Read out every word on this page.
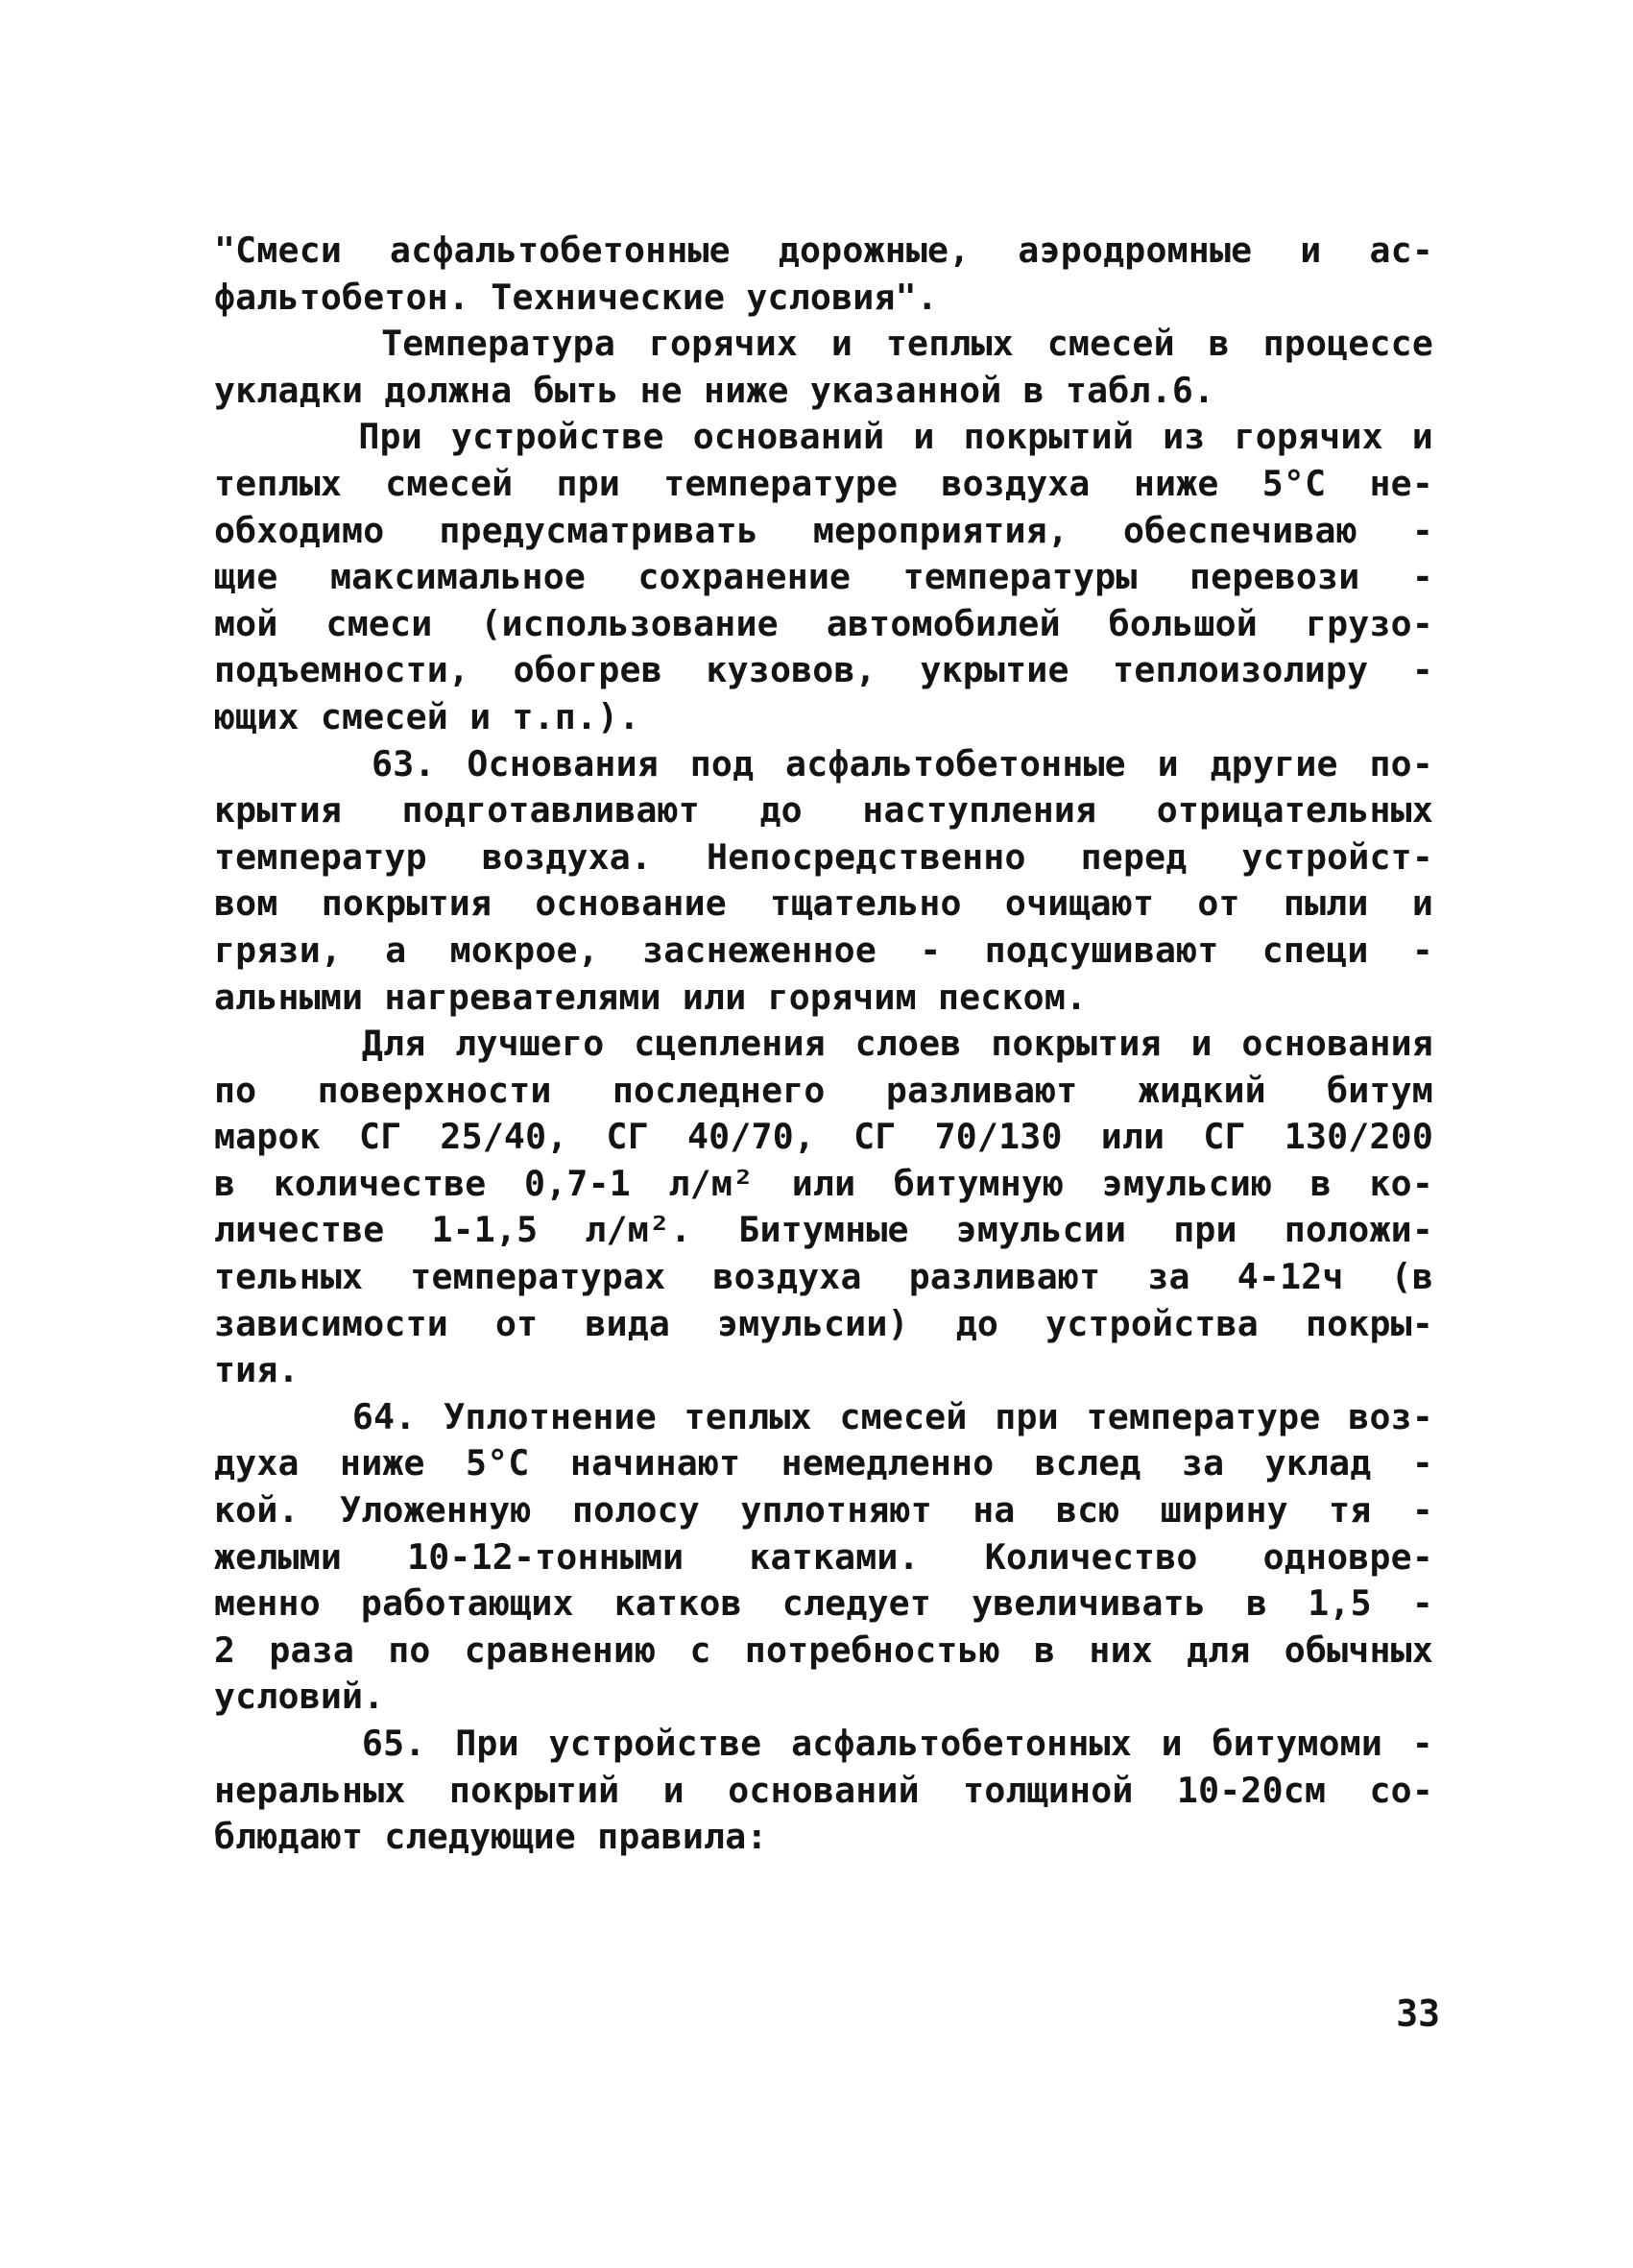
"Смеси асфальтобетонные дорожные, аэродромные и ас-
фальтобетон. Технические условия".
Температура горячих и теплых смесей в процессе
укладки должна быть не ниже указанной в табл.6.
При устройстве оснований и покрытий из горячих и
теплых смесей при температуре воздуха ниже 5°С не-
обходимо предусматривать мероприятия, обеспечиваю -
щие максимальное сохранение температуры перевози -
мой смеси (использование автомобилей большой грузо-
подъемности, обогрев кузовов, укрытие теплоизолиру -
ющих смесей и т.п.).
63. Основания под асфальтобетонные и другие по-
крытия подготавливают до наступления отрицательных
температур воздуха. Непосредственно перед устройст-
вом покрытия основание тщательно очищают от пыли и
грязи, а мокрое, заснеженное - подсушивают специ -
альными нагревателями или горячим песком.
Для лучшего сцепления слоев покрытия и основания
по поверхности последнего разливают жидкий битум
марок СГ 25/40, СГ 40/70, СГ 70/130 или СГ 130/200
в количестве 0,7-1 л/м² или битумную эмульсию в ко-
личестве 1-1,5 л/м². Битумные эмульсии при положи-
тельных температурах воздуха разливают за 4-12ч (в
зависимости от вида эмульсии) до устройства покры-
тия.
64. Уплотнение теплых смесей при температуре воз-
духа ниже 5°С начинают немедленно вслед за уклад -
кой. Уложенную полосу уплотняют на всю ширину тя -
желыми 10-12-тонными катками. Количество одновре-
менно работающих катков следует увеличивать в 1,5 -
2 раза по сравнению с потребностью в них для обычных
условий.
65. При устройстве асфальтобетонных и битумоми -
неральных покрытий и оснований толщиной 10-20см со-
блюдают следующие правила:
33
